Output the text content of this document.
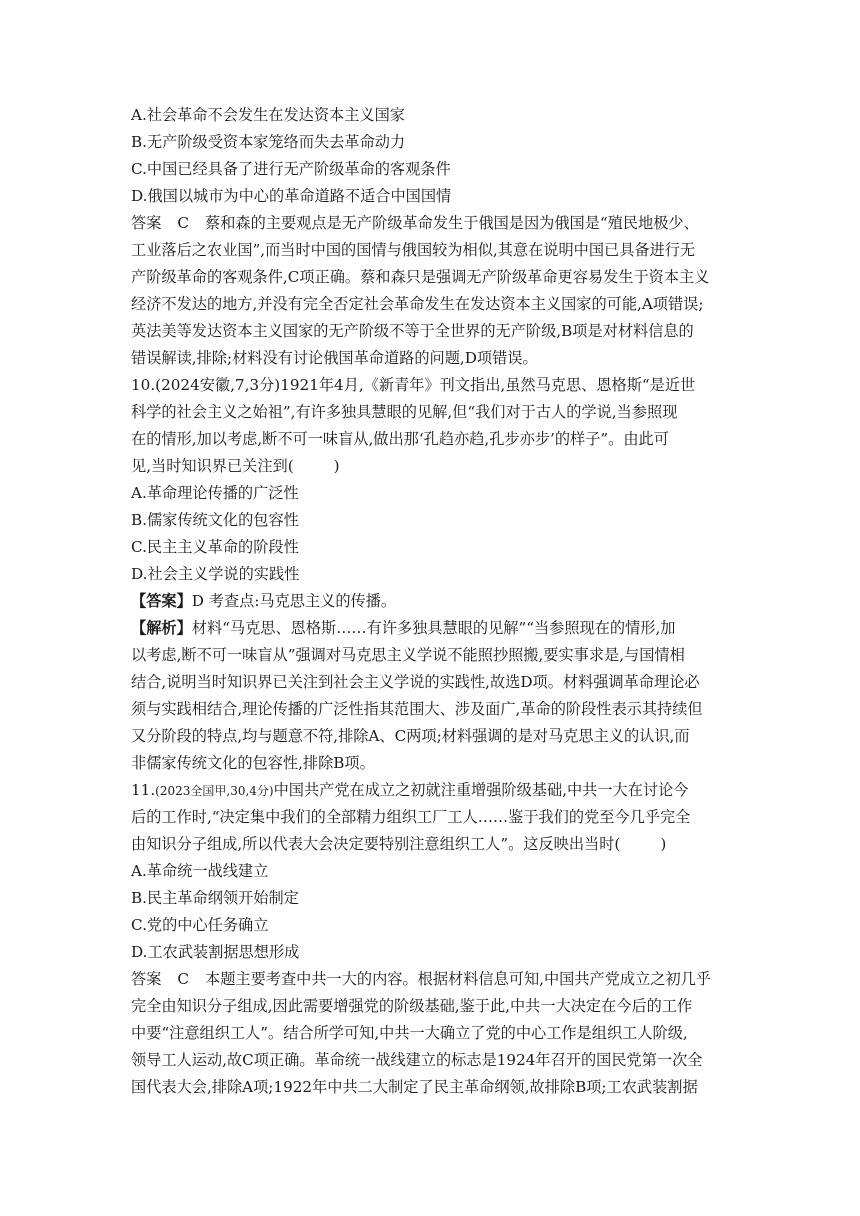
A.社会革命不会发生在发达资本主义国家
B.无产阶级受资本家笼络而失去革命动力
C.中国已经具备了进行无产阶级革命的客观条件
D.俄国以城市为中心的革命道路不适合中国国情
答案 C 蔡和森的主要观点是无产阶级革命发生于俄国是因为俄国是“殖民地极少、
工业落后之农业国”,而当时中国的国情与俄国较为相似,其意在说明中国已具备进行无
产阶级革命的客观条件,C项正确。蔡和森只是强调无产阶级革命更容易发生于资本主义
经济不发达的地方,并没有完全否定社会革命发生在发达资本主义国家的可能,A项错误;
英法美等发达资本主义国家的无产阶级不等于全世界的无产阶级,B项是对材料信息的
错误解读,排除;材料没有讨论俄国革命道路的问题,D项错误。
10.(2024安徽,7,3分)1921年4月,《新青年》刊文指出,虽然马克思、恩格斯“是近世
科学的社会主义之始祖”,有许多独具慧眼的见解,但“我们对于古人的学说,当参照现
在的情形,加以考虑,断不可一味盲从,做出那‘孔趋亦趋,孔步亦步’的样子”。由此可
见,当时知识界已关注到(	)
A.革命理论传播的广泛性
B.儒家传统文化的包容性
C.民主主义革命的阶段性
D.社会主义学说的实践性
【答案】D 考查点:马克思主义的传播。
【解析】材料“马克思、恩格斯……有许多独具慧眼的见解”“当参照现在的情形,加
以考虑,断不可一味盲从”强调对马克思主义学说不能照抄照搬,要实事求是,与国情相
结合,说明当时知识界已关注到社会主义学说的实践性,故选D项。材料强调革命理论必
须与实践相结合,理论传播的广泛性指其范围大、涉及面广,革命的阶段性表示其持续但
又分阶段的特点,均与题意不符,排除A、C两项;材料强调的是对马克思主义的认识,而
非儒家传统文化的包容性,排除B项。
11.(2023全国甲,30,4分)中国共产党在成立之初就注重增强阶级基础,中共一大在讨论今
后的工作时,“决定集中我们的全部精力组织工厂工人……鉴于我们的党至今几乎完全
由知识分子组成,所以代表大会决定要特别注意组织工人”。这反映出当时(	)
A.革命统一战线建立
B.民主革命纲领开始制定
C.党的中心任务确立
D.工农武装割据思想形成
答案 C 本题主要考查中共一大的内容。根据材料信息可知,中国共产党成立之初几乎
完全由知识分子组成,因此需要增强党的阶级基础,鉴于此,中共一大决定在今后的工作
中要“注意组织工人”。结合所学可知,中共一大确立了党的中心工作是组织工人阶级,
领导工人运动,故C项正确。革命统一战线建立的标志是1924年召开的国民党第一次全
国代表大会,排除A项;1922年中共二大制定了民主革命纲领,故排除B项;工农武装割据
